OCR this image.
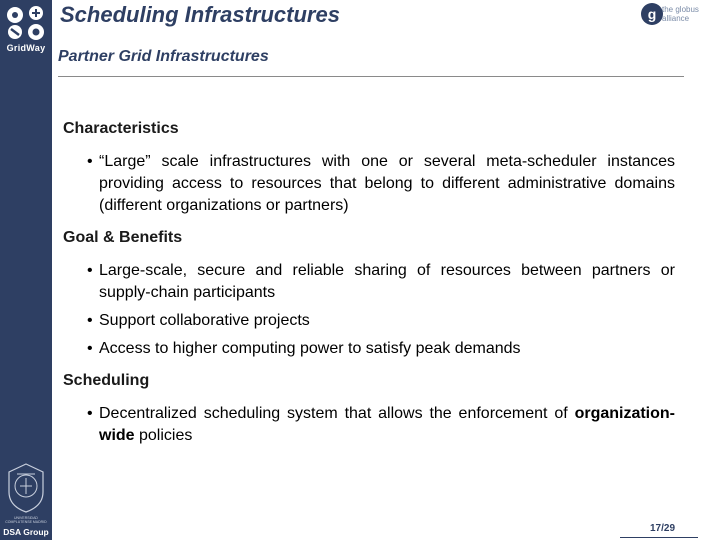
GridWay
UNIVERSIDAD COMPLUTENSE MADRID
DSA Group
Scheduling Infrastructures
Partner Grid Infrastructures
g the globus alliance
Characteristics
• “Large” scale infrastructures with one or several meta-scheduler instances providing access to resources that belong to different administrative domains (different organizations or partners)
Goal & Benefits
• Large-scale, secure and reliable sharing of resources between partners or supply-chain participants
• Support collaborative projects
• Access to higher computing power to satisfy peak demands
Scheduling
• Decentralized scheduling system that allows the enforcement of organization-wide policies
17/29
